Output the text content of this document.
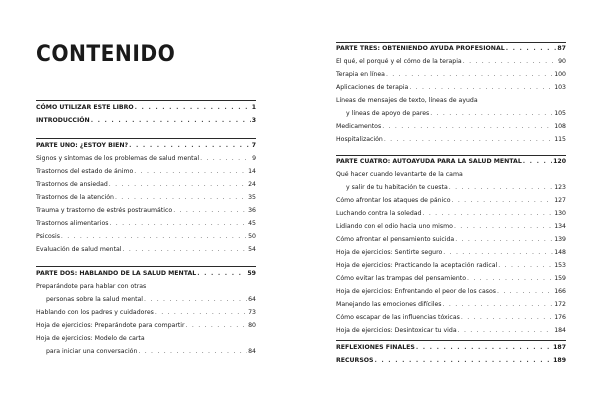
CONTENIDO
CÓMO UTILIZAR ESTE LIBRO . . .	1
INTRODUCCIÓN . . .	3
PARTE UNO: ¿ESTOY BIEN? . . .	7
Signos y síntomas de los problemas de salud mental . . .	9
Trastornos del estado de ánimo . . .	14
Trastornos de ansiedad . . .	24
Trastornos de la atención . . .	35
Trauma y trastorno de estrés postraumático . . .	36
Trastornos alimentarios . . .	45
Psicosis . . .	50
Evaluación de salud mental . . .	54
PARTE DOS: HABLANDO DE LA SALUD MENTAL . . .	59
Preparándote para hablar con otras
personas sobre la salud mental . . .	64
Hablando con los padres y cuidadores . . .	73
Hoja de ejercicios: Preparándote para compartir . . .	80
Hoja de ejercicios: Modelo de carta
para iniciar una conversación . . .	84
PARTE TRES: OBTENIENDO AYUDA PROFESIONAL . . .	87
El qué, el porqué y el cómo de la terapia . . .	90
Terapia en línea . . .	100
Aplicaciones de terapia . . .	103
Líneas de mensajes de texto, líneas de ayuda
y líneas de apoyo de pares . . .	105
Medicamentos . . .	108
Hospitalización . . .	115
PARTE CUATRO: AUTOAYUDA PARA LA SALUD MENTAL . . .	120
Qué hacer cuando levantarte de la cama
y salir de tu habitación te cuesta . . .	123
Cómo afrontar los ataques de pánico . . .	127
Luchando contra la soledad . . .	130
Lidiando con el odio hacia uno mismo . . .	134
Cómo afrontar el pensamiento suicida . . .	139
Hoja de ejercicios: Sentirte seguro . . .	148
Hoja de ejercicios: Practicando la aceptación radical . . .	153
Cómo evitar las trampas del pensamiento . . .	159
Hoja de ejercicios: Enfrentando el peor de los casos . . .	166
Manejando las emociones difíciles . . .	172
Cómo escapar de las influencias tóxicas . . .	176
Hoja de ejercicios: Desintoxicar tu vida . . .	184
REFLEXIONES FINALES . . .	187
RECURSOS . . .	189
